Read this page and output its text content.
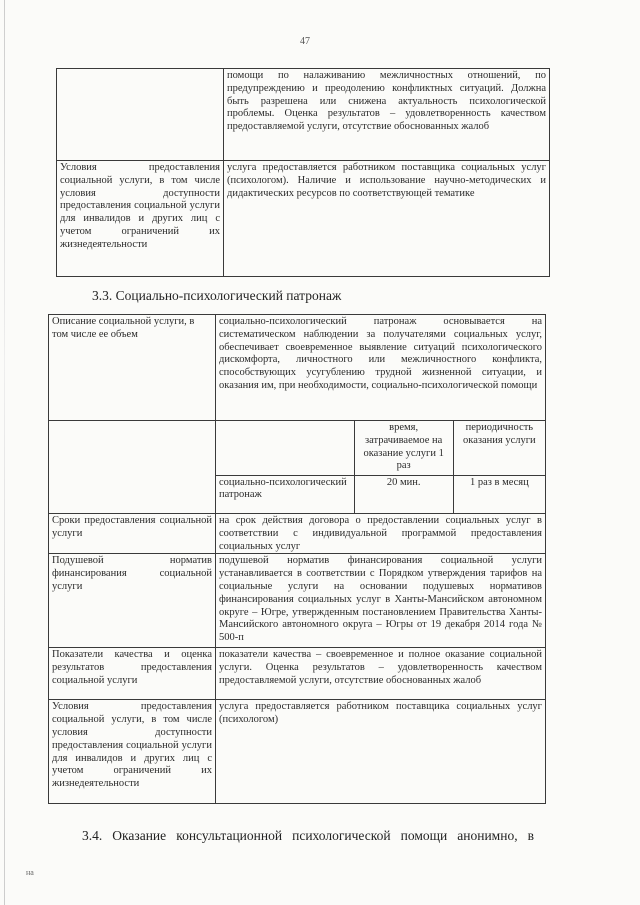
47
	помощи по налаживанию межличностных отношений, по предупреждению и преодолению конфликтных ситуаций. Должна быть разрешена или снижена актуальность психологической проблемы. Оценка результатов – удовлетворенность качеством предоставляемой услуги, отсутствие обоснованных жалоб
Условия предоставления социальной услуги, в том числе условия доступности предоставления социальной услуги для инвалидов и других лиц с учетом ограничений их жизнедеятельности	услуга предоставляется работником поставщика социальных услуг (психологом). Наличие и использование научно-методических и дидактических ресурсов по соответствующей тематике
3.3. Социально-психологический патронаж
Описание социальной услуги, в том числе ее объем	социально-психологический патронаж основывается на систематическом наблюдении за получателями социальных услуг, обеспечивает своевременное выявление ситуаций психологического дискомфорта, личностного или межличностного конфликта, способствующих усугублению трудной жизненной ситуации, и оказания им, при необходимости, социально-психологической помощи

	время, затрачиваемое на оказание услуги 1 раз	периодичность оказания услуги
социально-психологический патронаж	20 мин.	1 раз в месяц

Сроки предоставления социальной услуги	на срок действия договора о предоставлении социальных услуг в соответствии с индивидуальной программой предоставления социальных услуг
Подушевой норматив финансирования социальной услуги	подушевой норматив финансирования социальной услуги устанавливается в соответствии с Порядком утверждения тарифов на социальные услуги на основании подушевых нормативов финансирования социальных услуг в Ханты-Мансийском автономном округе – Югре, утвержденным постановлением Правительства Ханты-Мансийского автономного округа – Югры от 19 декабря 2014 года № 500-п
Показатели качества и оценка результатов предоставления социальной услуги	показатели качества – своевременное и полное оказание социальной услуги. Оценка результатов – удовлетворенность качеством предоставляемой услуги, отсутствие обоснованных жалоб
Условия предоставления социальной услуги, в том числе условия доступности предоставления социальной услуги для инвалидов и других лиц с учетом ограничений их жизнедеятельности	услуга предоставляется работником поставщика социальных услуг (психологом)
3.4. Оказание консультационной психологической помощи анонимно, в
на
